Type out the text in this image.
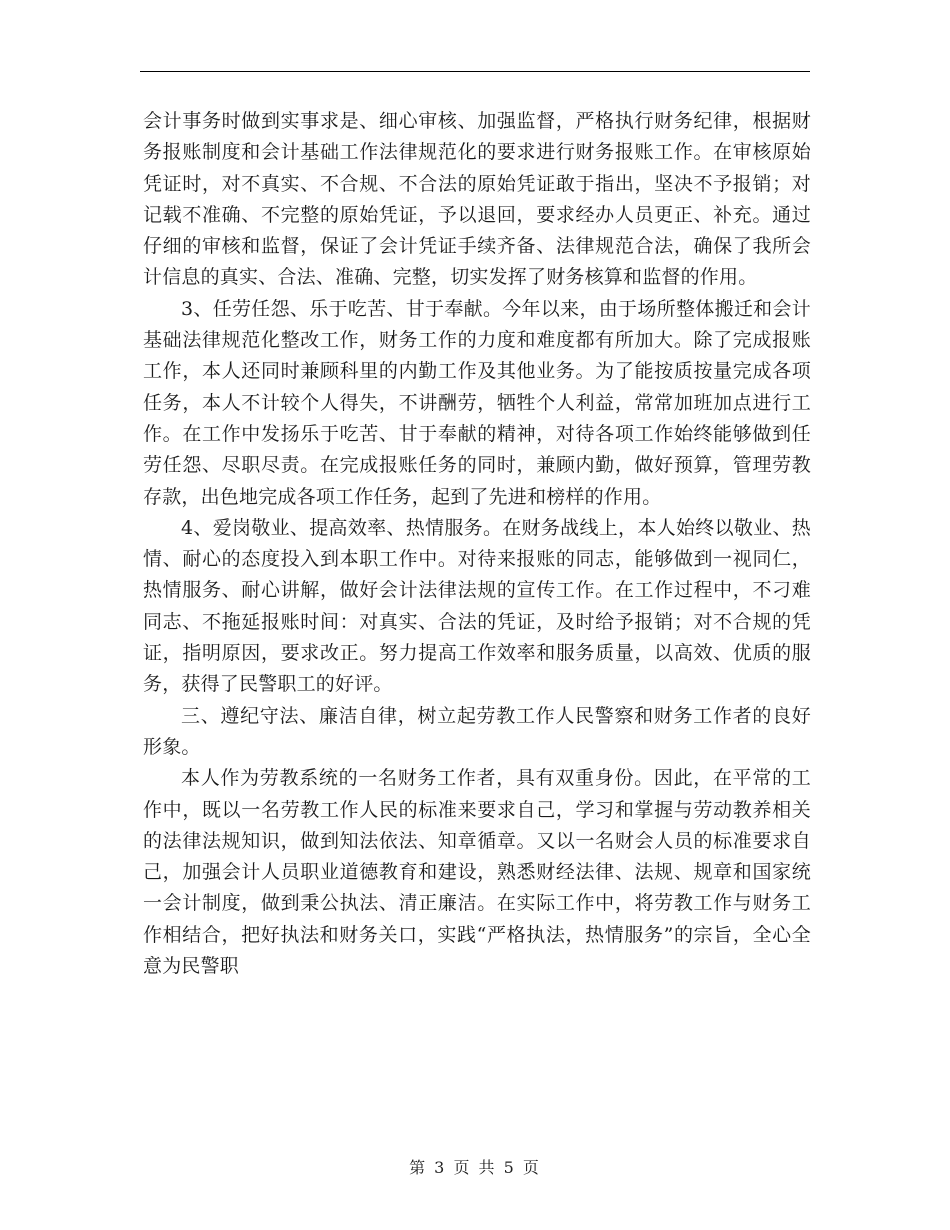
会计事务时做到实事求是、细心审核、加强监督，严格执行财务纪律，根据财务报账制度和会计基础工作法律规范化的要求进行财务报账工作。在审核原始凭证时，对不真实、不合规、不合法的原始凭证敢于指出，坚决不予报销；对记载不准确、不完整的原始凭证，予以退回，要求经办人员更正、补充。通过仔细的审核和监督，保证了会计凭证手续齐备、法律规范合法，确保了我所会计信息的真实、合法、准确、完整，切实发挥了财务核算和监督的作用。

3、任劳任怨、乐于吃苦、甘于奉献。今年以来，由于场所整体搬迁和会计基础法律规范化整改工作，财务工作的力度和难度都有所加大。除了完成报账工作，本人还同时兼顾科里的内勤工作及其他业务。为了能按质按量完成各项任务，本人不计较个人得失，不讲酬劳，牺牲个人利益，常常加班加点进行工作。在工作中发扬乐于吃苦、甘于奉献的精神，对待各项工作始终能够做到任劳任怨、尽职尽责。在完成报账任务的同时，兼顾内勤，做好预算，管理劳教存款，出色地完成各项工作任务，起到了先进和榜样的作用。

4、爱岗敬业、提高效率、热情服务。在财务战线上，本人始终以敬业、热情、耐心的态度投入到本职工作中。对待来报账的同志，能够做到一视同仁，热情服务、耐心讲解，做好会计法律法规的宣传工作。在工作过程中，不刁难同志、不拖延报账时间：对真实、合法的凭证，及时给予报销；对不合规的凭证，指明原因，要求改正。努力提高工作效率和服务质量，以高效、优质的服务，获得了民警职工的好评。

三、遵纪守法、廉洁自律，树立起劳教工作人民警察和财务工作者的良好形象。

本人作为劳教系统的一名财务工作者，具有双重身份。因此，在平常的工作中，既以一名劳教工作人民的标准来要求自己，学习和掌握与劳动教养相关的法律法规知识，做到知法依法、知章循章。又以一名财会人员的标准要求自己，加强会计人员职业道德教育和建设，熟悉财经法律、法规、规章和国家统一会计制度，做到秉公执法、清正廉洁。在实际工作中，将劳教工作与财务工作相结合，把好执法和财务关口，实践“严格执法，热情服务”的宗旨，全心全意为民警职

第 3 页 共 5 页
